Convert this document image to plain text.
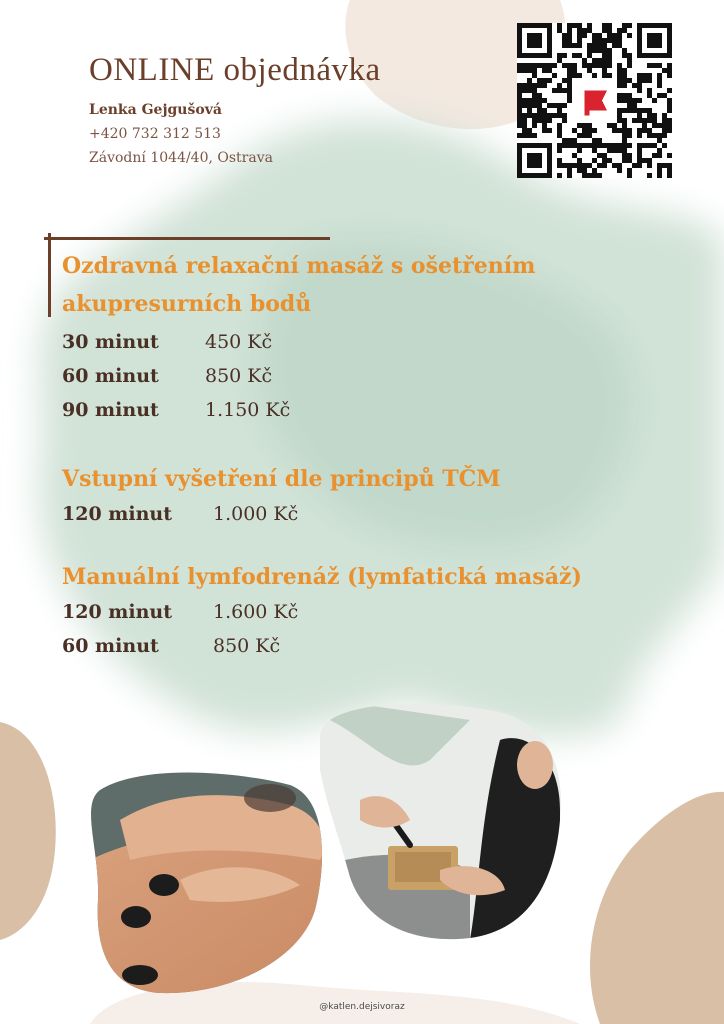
ONLINE objednávka
Lenka Gejgušová
+420 732 312 513
Závodní 1044/40, Ostrava
Ozdravná relaxační masáž s ošetřením
akupresurních bodů
30 minut 450 Kč
60 minut 850 Kč
90 minut 1.150 Kč
Vstupní vyšetření dle principů TČM
120 minut 1.000 Kč
Manuální lymfodrenáž (lymfatická masáž)
120 minut 1.600 Kč
60 minut	850 Kč
@katlen.dejsivoraz
